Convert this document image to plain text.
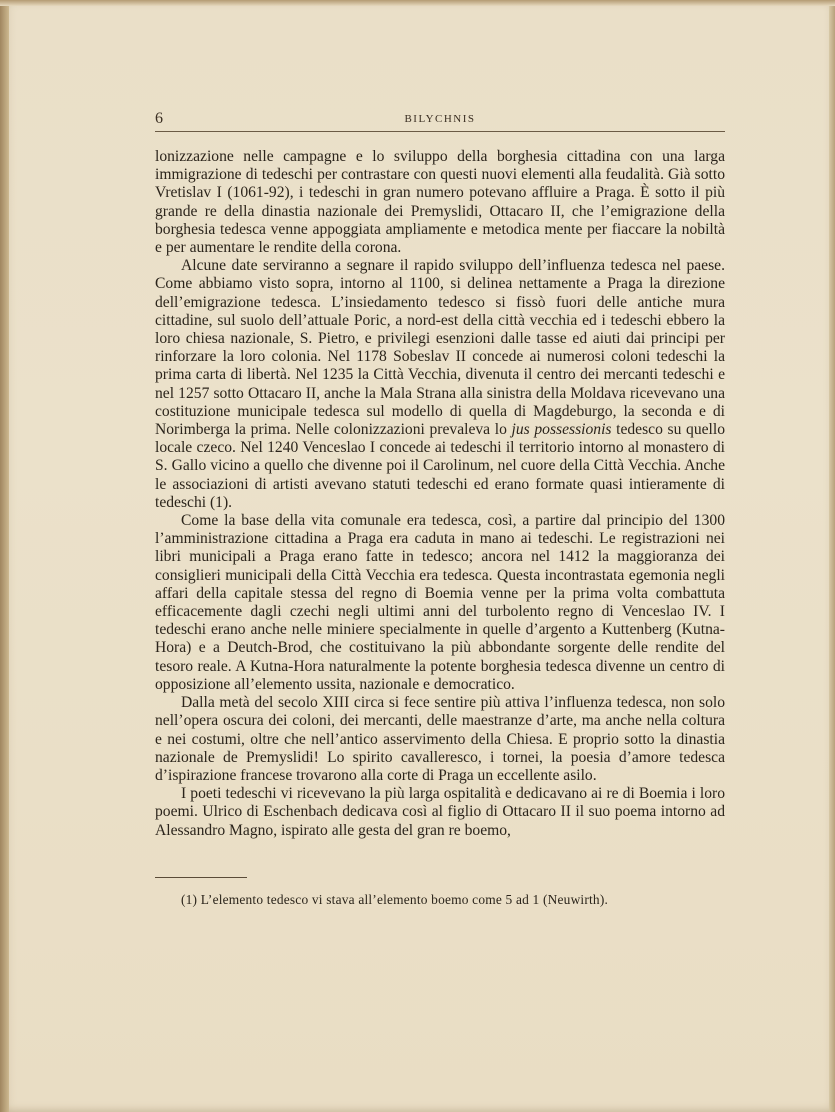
6	BILYCHNIS

lonizzazione nelle campagne e lo sviluppo della borghesia cittadina con una larga immigrazione di tedeschi per contrastare con questi nuovi elementi alla feudalità. Già sotto Vretislav I (1061-92), i tedeschi in gran numero potevano affluire a Praga. È sotto il più grande re della dinastia nazionale dei Premyslidi, Ottacaro II, che l’emigrazione della borghesia tedesca venne appoggiata ampliamente e metodica mente per fiaccare la nobiltà e per aumentare le rendite della corona.

Alcune date serviranno a segnare il rapido sviluppo dell’influenza tedesca nel paese. Come abbiamo visto sopra, intorno al 1100, si delinea nettamente a Praga la direzione dell’emigrazione tedesca. L’insiedamento tedesco si fissò fuori delle antiche mura cittadine, sul suolo dell’attuale Poric, a nord-est della città vecchia ed i tedeschi ebbero la loro chiesa nazionale, S. Pietro, e privilegi esenzioni dalle tasse ed aiuti dai principi per rinforzare la loro colonia. Nel 1178 Sobeslav II concede ai numerosi coloni tedeschi la prima carta di libertà. Nel 1235 la Città Vecchia, divenuta il centro dei mercanti tedeschi e nel 1257 sotto Ottacaro II, anche la Mala Strana alla sinistra della Moldava ricevevano una costituzione municipale tedesca sul modello di quella di Magdeburgo, la seconda e di Norimberga la prima. Nelle colonizzazioni prevaleva lo jus possessionis tedesco su quello locale czeco. Nel 1240 Venceslao I concede ai tedeschi il territorio intorno al monastero di S. Gallo vicino a quello che divenne poi il Carolinum, nel cuore della Città Vecchia. Anche le associazioni di artisti avevano statuti tedeschi ed erano formate quasi intieramente di tedeschi (1).

Come la base della vita comunale era tedesca, così, a partire dal principio del 1300 l’amministrazione cittadina a Praga era caduta in mano ai tedeschi. Le registrazioni nei libri municipali a Praga erano fatte in tedesco; ancora nel 1412 la maggioranza dei consiglieri municipali della Città Vecchia era tedesca. Questa incontrastata egemonia negli affari della capitale stessa del regno di Boemia venne per la prima volta combattuta efficacemente dagli czechi negli ultimi anni del turbolento regno di Venceslao IV. I tedeschi erano anche nelle miniere specialmente in quelle d’argento a Kuttenberg (Kutna-Hora) e a Deutch-Brod, che costituivano la più abbondante sorgente delle rendite del tesoro reale. A Kutna-Hora naturalmente la potente borghesia tedesca divenne un centro di opposizione all’elemento ussita, nazionale e democratico.

Dalla metà del secolo XIII circa si fece sentire più attiva l’influenza tedesca, non solo nell’opera oscura dei coloni, dei mercanti, delle maestranze d’arte, ma anche nella coltura e nei costumi, oltre che nell’antico asservimento della Chiesa. E proprio sotto la dinastia nazionale de Premyslidi! Lo spirito cavalleresco, i tornei, la poesia d’amore tedesca d’ispirazione francese trovarono alla corte di Praga un eccellente asilo.

I poeti tedeschi vi ricevevano la più larga ospitalità e dedicavano ai re di Boemia i loro poemi. Ulrico di Eschenbach dedicava così al figlio di Ottacaro II il suo poema intorno ad Alessandro Magno, ispirato alle gesta del gran re boemo,

(1) L’elemento tedesco vi stava all’elemento boemo come 5 ad 1 (Neuwirth).
